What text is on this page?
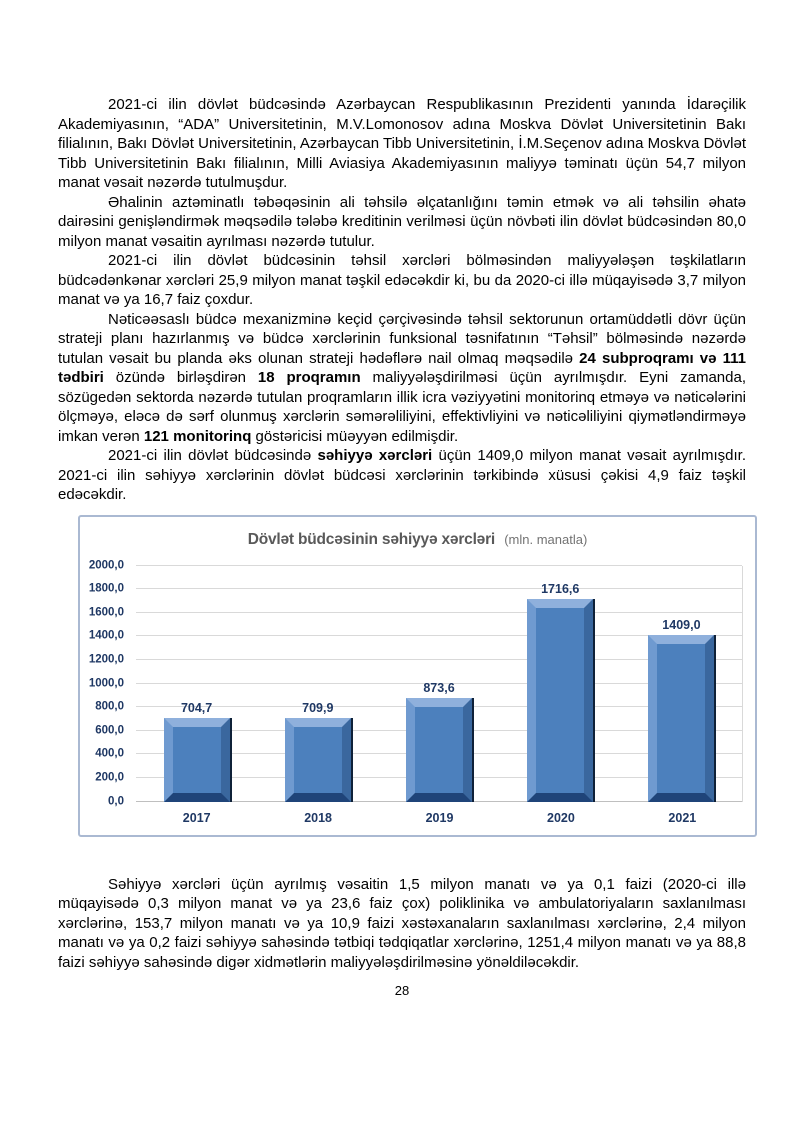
2021-ci ilin dövlət büdcəsində Azərbaycan Respublikasının Prezidenti yanında İdarəçilik Akademiyasının, “ADA” Universitetinin, M.V.Lomonosov adına Moskva Dövlət Universitetinin Bakı filialının, Bakı Dövlət Universitetinin, Azərbaycan Tibb Universitetinin, İ.M.Seçenov adına Moskva Dövlət Tibb Universitetinin Bakı filialının, Milli Aviasiya Akademiyasının maliyyə təminatı üçün 54,7 milyon manat vəsait nəzərdə tutulmuşdur.

Əhalinin aztəminatlı təbəqəsinin ali təhsilə əlçatanlığını təmin etmək və ali təhsilin əhatə dairəsini genişləndirmək məqsədilə tələbə kreditinin verilməsi üçün növbəti ilin dövlət büdcəsindən 80,0 milyon manat vəsaitin ayrılması nəzərdə tutulur.

2021-ci ilin dövlət büdcəsinin təhsil xərcləri bölməsindən maliyyələşən təşkilatların büdcədənkənar xərcləri 25,9 milyon manat təşkil edəcəkdir ki, bu da 2020-ci illə müqayisədə 3,7 milyon manat və ya 16,7 faiz çoxdur.

Nəticəəsaslı büdcə mexanizminə keçid çərçivəsində təhsil sektorunun ortamüddətli dövr üçün strateji planı hazırlanmış və büdcə xərclərinin funksional təsnifatının “Təhsil” bölməsində nəzərdə tutulan vəsait bu planda əks olunan strateji hədəflərə nail olmaq məqsədilə 24 subproqramı və 111 tədbiri özündə birləşdirən 18 proqramın maliyyələşdirilməsi üçün ayrılmışdır. Eyni zamanda, sözügedən sektorda nəzərdə tutulan proqramların illik icra vəziyyətini monitorinq etməyə və nəticələrini ölçməyə, eləcə də sərf olunmuş xərclərin səmərəliliyini, effektivliyini və nəticəliliyini qiymətləndirməyə imkan verən 121 monitorinq göstəricisi müəyyən edilmişdir.

2021-ci ilin dövlət büdcəsində səhiyyə xərcləri üçün 1409,0 milyon manat vəsait ayrılmışdır. 2021-ci ilin səhiyyə xərclərinin dövlət büdcəsi xərclərinin tərkibində xüsusi çəkisi 4,9 faiz təşkil edəcəkdir.

Dövlət büdcəsinin səhiyyə xərcləri (mln. manatla)
0,0
200,0
400,0
600,0
800,0
1000,0
1200,0
1400,0
1600,0
1800,0
2000,0
704,7	709,9
873,6
1716,6
1409,0
2017	2018	2019	2020	2021

Səhiyyə xərcləri üçün ayrılmış vəsaitin 1,5 milyon manatı və ya 0,1 faizi (2020-ci illə müqayisədə 0,3 milyon manat və ya 23,6 faiz çox) poliklinika və ambulatoriyaların saxlanılması xərclərinə, 153,7 milyon manatı və ya 10,9 faizi xəstəxanaların saxlanılması xərclərinə, 2,4 milyon manatı və ya 0,2 faizi səhiyyə sahəsində tətbiqi tədqiqatlar xərclərinə, 1251,4 milyon manatı və ya 88,8 faizi səhiyyə sahəsində digər xidmətlərin maliyyələşdirilməsinə yönəldiləcəkdir.

28
